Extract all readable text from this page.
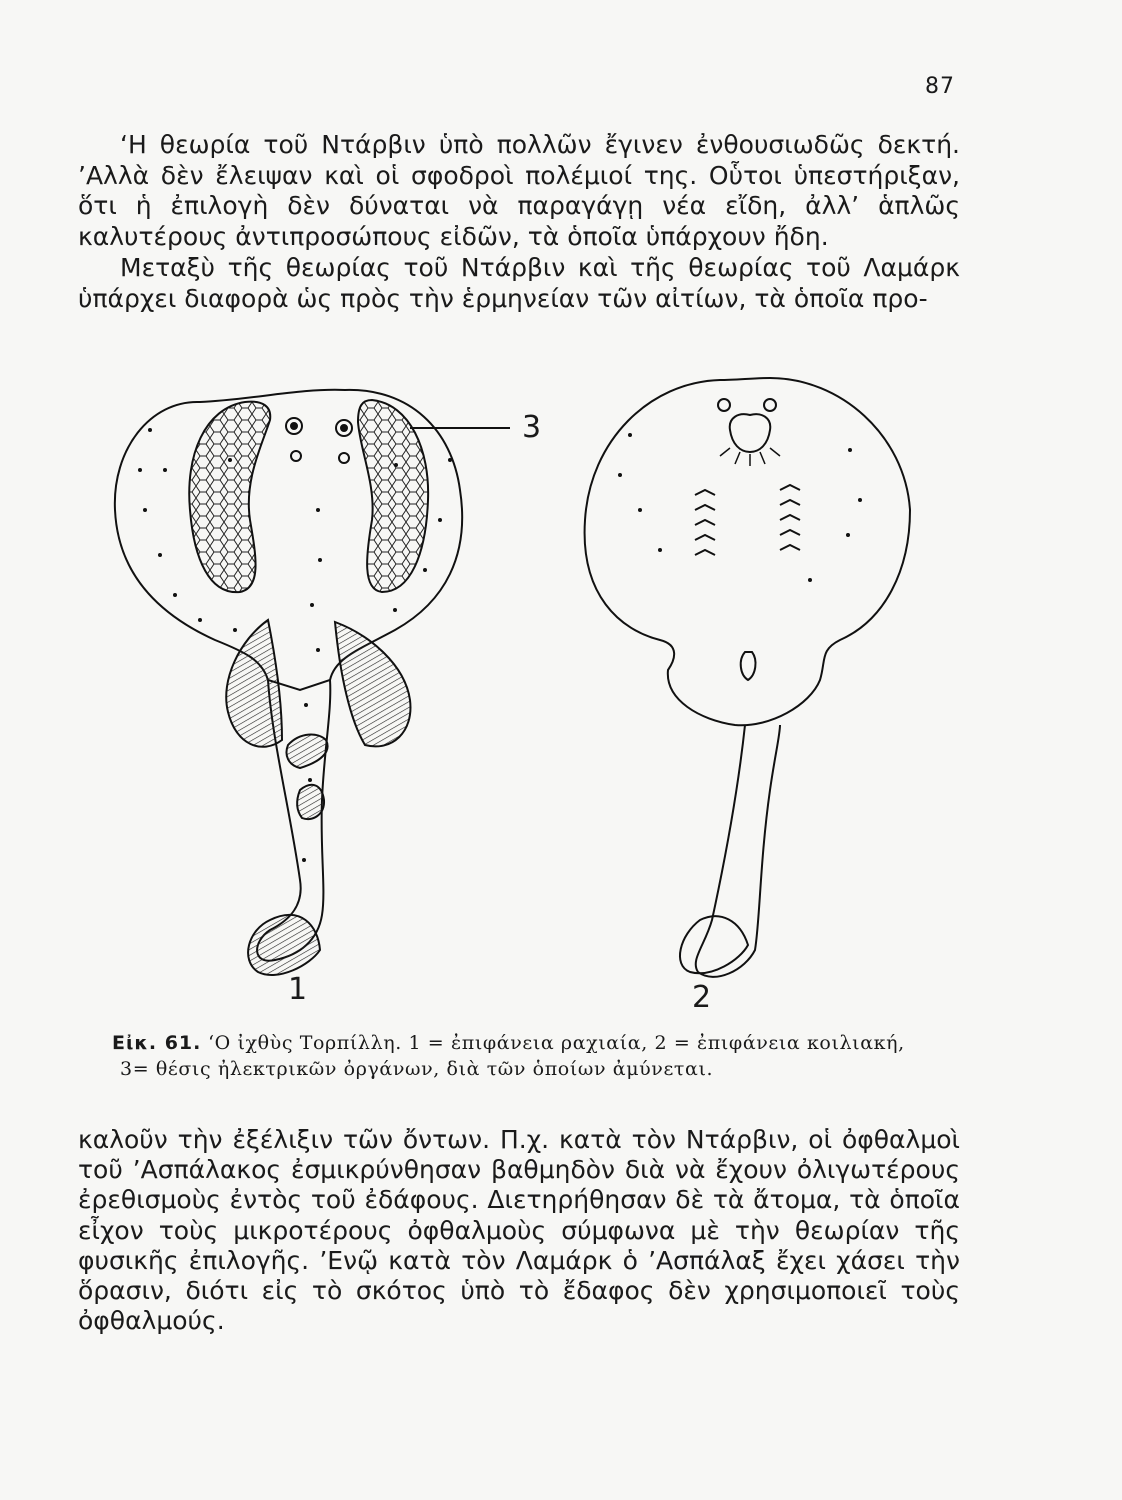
87

‘Η θεωρία τοῦ Ντάρβιν ὑπὸ πολλῶν ἔγινεν ἐνθουσιωδῶς δεκτή. ’Αλλὰ δὲν ἔλειψαν καὶ οἱ σφοδροὶ πολέμιοί της. Οὗτοι ὑπεστήριξαν, ὅτι ἡ ἐπιλογὴ δὲν δύναται νὰ παραγάγῃ νέα εἴδη, ἀλλ’ ἁπλῶς καλυτέρους ἀντιπροσώπους εἰδῶν, τὰ ὁποῖα ὑπάρχουν ἤδη.

Μεταξὺ τῆς θεωρίας τοῦ Ντάρβιν καὶ τῆς θεωρίας τοῦ Λαμάρκ ὑπάρχει διαφορὰ ὡς πρὸς τὴν ἑρμηνείαν τῶν αἰτίων, τὰ ὁποῖα προ-

1	2
3
Εἰκ. 61. ‘Ο ἰχθὺς Τορπίλλη. 1 = ἐπιφάνεια ραχιαία, 2 = ἐπιφάνεια κοιλιακή,
3= θέσις ἠλεκτρικῶν ὀργάνων, διὰ τῶν ὁποίων ἀμύνεται.

καλοῦν τὴν ἐξέλιξιν τῶν ὄντων. Π.χ. κατὰ τὸν Ντάρβιν, οἱ ὀφθαλμοὶ τοῦ ’Ασπάλακος ἐσμικρύνθησαν βαθμηδὸν διὰ νὰ ἔχουν ὀλιγωτέρους ἐρεθισμοὺς ἐντὸς τοῦ ἐδάφους. Διετηρήθησαν δὲ τὰ ἄτομα, τὰ ὁποῖα εἶχον τοὺς μικροτέρους ὀφθαλμοὺς σύμφωνα μὲ τὴν θεωρίαν τῆς φυσικῆς ἐπιλογῆς. ’Ενῷ κατὰ τὸν Λαμάρκ ὁ ’Ασπάλαξ ἔχει χάσει τὴν ὅρασιν, διότι εἰς τὸ σκότος ὑπὸ τὸ ἔδαφος δὲν χρησιμοποιεῖ τοὺς ὀφθαλμούς.
